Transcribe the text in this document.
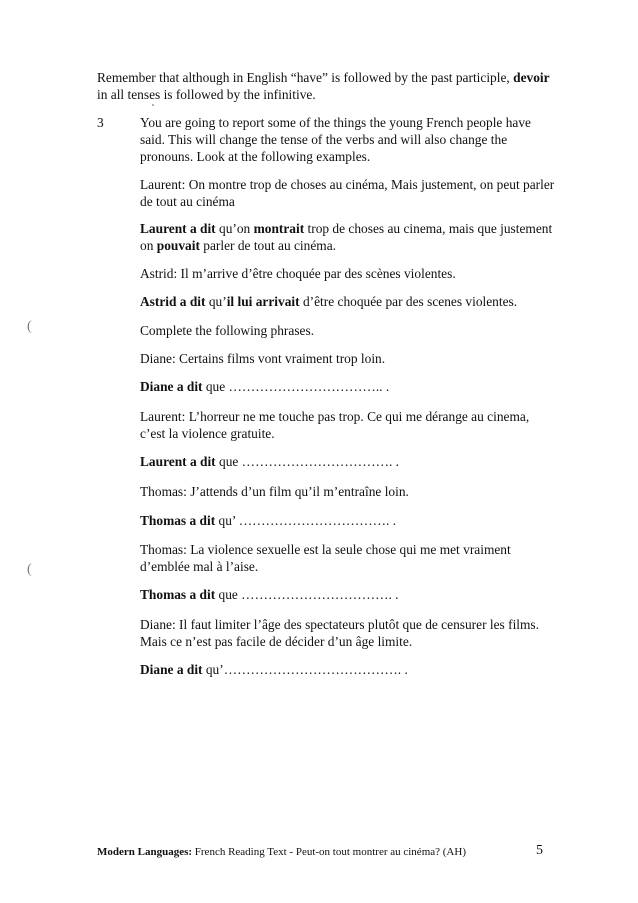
Remember that although in English “have” is followed by the past participle, devoir
in all tenses is followed by the infinitive.
3	You are going to report some of the things the young French people have
said. This will change the tense of the verbs and will also change the
pronouns. Look at the following examples.
Laurent: On montre trop de choses au cinéma, Mais justement, on peut parler
de tout au cinéma
Laurent a dit qu’on montrait trop de choses au cinema, mais que justement
on pouvait parler de tout au cinéma.
Astrid: Il m’arrive d’être choquée par des scènes violentes.
Astrid a dit qu’il lui arrivait d’être choquée par des scenes violentes.
(	Complete the following phrases.
Diane: Certains films vont vraiment trop loin.
Diane a dit que …………………………….. .
Laurent: L’horreur ne me touche pas trop. Ce qui me dérange au cinema,
c’est la violence gratuite.
Laurent a dit que ……………………………. .
Thomas: J’attends d’un film qu’il m’entraîne loin.
Thomas a dit qu’ ……………………………. .
Thomas: La violence sexuelle est la seule chose qui me met vraiment
d’emblée mal à l’aise.
(
Thomas a dit que ……………………………. .
Diane: Il faut limiter l’âge des spectateurs plutôt que de censurer les films.
Mais ce n’est pas facile de décider d’un âge limite.
Diane a dit qu’…………………………………. .
Modern Languages: French Reading Text - Peut-on tout montrer au cinéma? (AH)	5
